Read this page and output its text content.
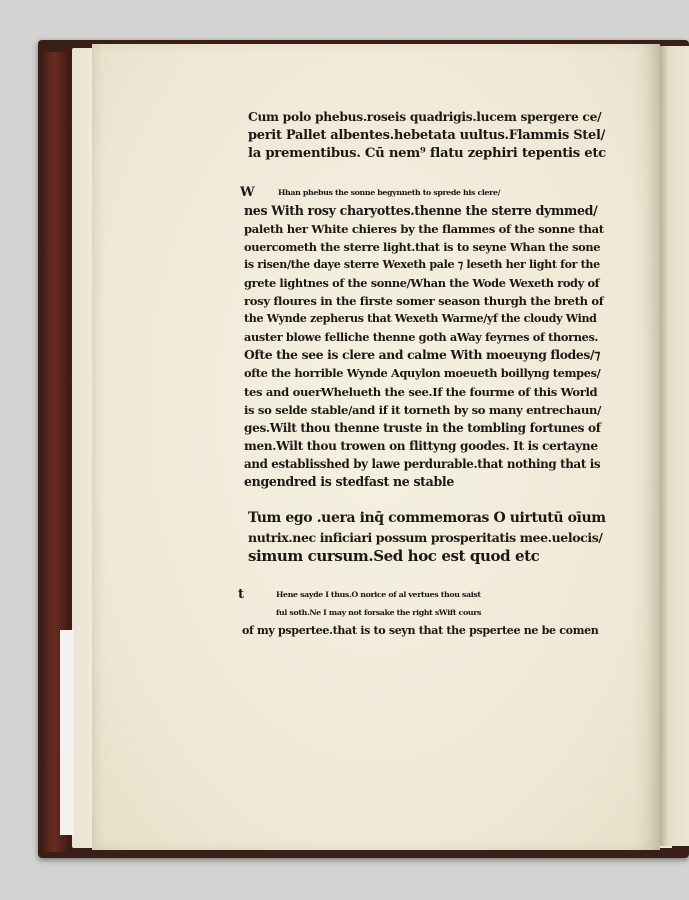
Cum polo phebus.roseis quadrigis.lucem spergere ce/
perit Pallet albentes.hebetata uultus.Flammis Stel/
la prementibus. Cū nem⁹ flatu zephiri tepentis etc

W	Hhan phebus the sonne begynneth to sprede his clere/
nes With rosy charyottes.thenne the sterre dymmed/
paleth her White chieres by the flammes of the sonne that
ouercometh the sterre light.that is to seyne Whan the sone
is risen/the daye sterre Wexeth pale ⁊ leseth her light for the
grete lightnes of the sonne/Whan the Wode Wexeth rody of
rosy floures in the firste somer season thurgh the breth of
the Wynde zepherus that Wexeth Warme/yf the cloudy Wind
auster blowe felliche thenne goth aWay feyrnes of thornes.
Ofte the see is clere and calme With moeuyng flodes/⁊
ofte the horrible Wynde Aquylon moeueth boillyng tempes/
tes and ouerWhelueth the see.If the fourme of this World
is so selde stable/and if it torneth by so many entrechaun/
ges.Wilt thou thenne truste in the tombling fortunes of
men.Wilt thou trowen on flittyng goodes. It is certayne
and establisshed by lawe perdurable.that nothing that is
engendred is stedfast ne stable

Tum ego .uera inq̄ commemoras O uirtutū oīum
nutrix.nec inficiari possum prosperitatis mee.uelocis/
simum cursum.Sed hoc est quod etc

t	Hene sayde I thus.O norice of al vertues thou saist
ful soth.Ne I may not forsake the right sWift cours
of my pspertee.that is to seyn that the pspertee ne be comen
